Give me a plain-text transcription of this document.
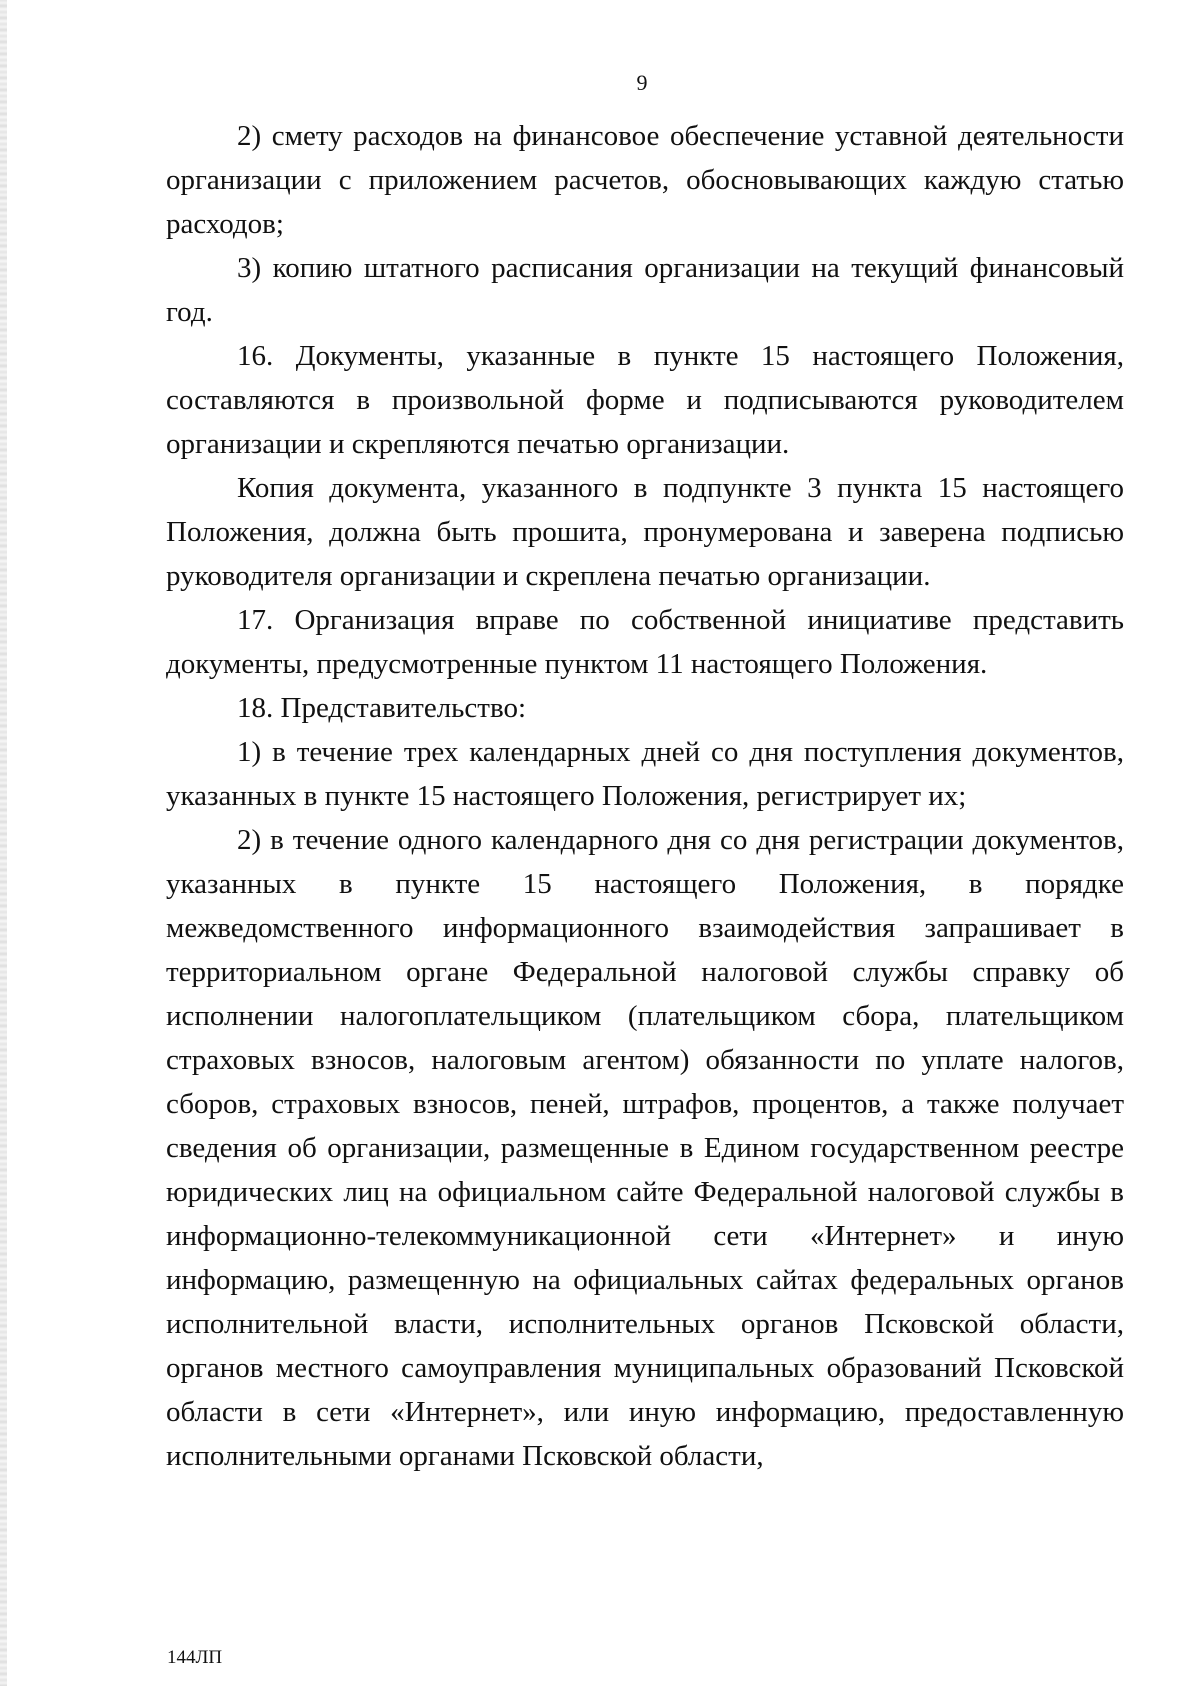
9

2) смету расходов на финансовое обеспечение уставной деятельности организации с приложением расчетов, обосновывающих каждую статью расходов;

3) копию штатного расписания организации на текущий финансовый год.

16. Документы, указанные в пункте 15 настоящего Положения, составляются в произвольной форме и подписываются руководителем организации и скрепляются печатью организации.

Копия документа, указанного в подпункте 3 пункта 15 настоящего Положения, должна быть прошита, пронумерована и заверена подписью руководителя организации и скреплена печатью организации.

17. Организация вправе по собственной инициативе представить документы, предусмотренные пунктом 11 настоящего Положения.

18. Представительство:

1) в течение трех календарных дней со дня поступления документов, указанных в пункте 15 настоящего Положения, регистрирует их;

2) в течение одного календарного дня со дня регистрации документов, указанных в пункте 15 настоящего Положения, в порядке межведомственного информационного взаимодействия запрашивает в территориальном органе Федеральной налоговой службы справку об исполнении налогоплательщиком (плательщиком сбора, плательщиком страховых взносов, налоговым агентом) обязанности по уплате налогов, сборов, страховых взносов, пеней, штрафов, процентов, а также получает сведения об организации, размещенные в Едином государственном реестре юридических лиц на официальном сайте Федеральной налоговой службы в информационно-телекоммуникационной сети «Интернет» и иную информацию, размещенную на официальных сайтах федеральных органов исполнительной власти, исполнительных органов Псковской области, органов местного самоуправления муниципальных образований Псковской области в сети «Интернет», или иную информацию, предоставленную исполнительными органами Псковской области,

144ЛП
